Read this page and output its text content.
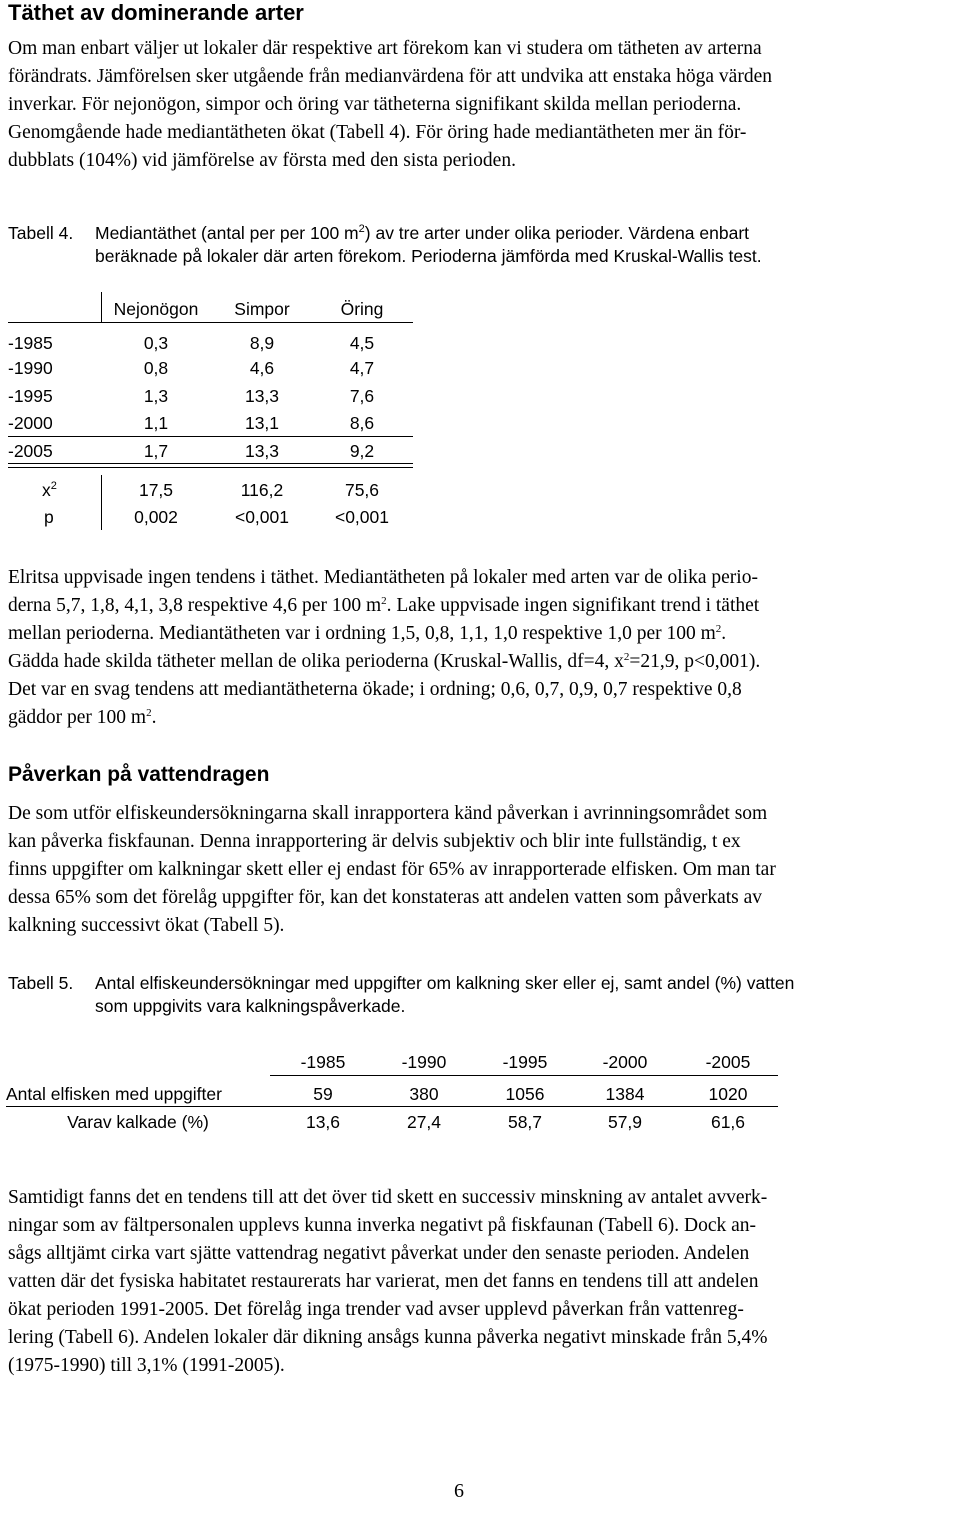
Täthet av dominerande arter
Om man enbart väljer ut lokaler där respektive art förekom kan vi studera om tätheten av arterna
förändrats. Jämförelsen sker utgående från medianvärdena för att undvika att enstaka höga värden
inverkar. För nejonögon, simpor och öring var tätheterna signifikant skilda mellan perioderna.
Genomgående hade mediantätheten ökat (Tabell 4). För öring hade mediantätheten mer än för-
dubblats (104%) vid jämförelse av första med den sista perioden.
Tabell 4. Mediantäthet (antal per per 100 $m^2$) av tre arter under olika perioder. Värdena enbart
beräknade på lokaler där arten förekom. Perioderna jämförda med Kruskal-Wallis test.
Nejonögon	Simpor	Öring
-1985	0,3	8,9	4,5
-1990	0,8	4,6	4,7
-1995	1,3	13,3	7,6
-2000	1,1	13,1	8,6
-2005	1,7	13,3	9,2
$x^2$	17,5	116,2	75,6
p	0,002	<0,001	<0,001
Elritsa uppvisade ingen tendens i täthet. Mediantätheten på lokaler med arten var de olika perio-
derna 5,7, 1,8, 4,1, 3,8 respektive 4,6 per 100 $m^2$. Lake uppvisade ingen signifikant trend i täthet
mellan perioderna. Mediantätheten var i ordning 1,5, 0,8, 1,1, 1,0 respektive 1,0 per 100 $m^2$.
Gädda hade skilda tätheter mellan de olika perioderna (Kruskal-Wallis, df=4, $x^2=21,9$, p<0,001).
Det var en svag tendens att mediantätheterna ökade; i ordning; 0,6, 0,7, 0,9, 0,7 respektive 0,8
gäddor per 100 $m^2$.
Påverkan på vattendragen
De som utför elfiskeundersökningarna skall inrapportera känd påverkan i avrinningsområdet som
kan påverka fiskfaunan. Denna inrapportering är delvis subjektiv och blir inte fullständig, t ex
finns uppgifter om kalkningar skett eller ej endast för 65% av inrapporterade elfisken. Om man tar
dessa 65% som det förelåg uppgifter för, kan det konstateras att andelen vatten som påverkats av
kalkning successivt ökat (Tabell 5).
Tabell 5. Antal elfiskeundersökningar med uppgifter om kalkning sker eller ej, samt andel (%) vatten
som uppgivits vara kalkningspåverkade.
-1985	-1990	-1995	-2000	-2005
Antal elfisken med uppgifter	59	380	1056	1384	1020
Varav kalkade (%)	13,6	27,4	58,7	57,9	61,6
Samtidigt fanns det en tendens till att det över tid skett en successiv minskning av antalet avverk-
ningar som av fältpersonalen upplevs kunna inverka negativt på fiskfaunan (Tabell 6). Dock an-
sågs alltjämt cirka vart sjätte vattendrag negativt påverkat under den senaste perioden. Andelen
vatten där det fysiska habitatet restaurerats har varierat, men det fanns en tendens till att andelen
ökat perioden 1991-2005. Det förelåg inga trender vad avser upplevd påverkan från vattenreg-
lering (Tabell 6). Andelen lokaler där dikning ansågs kunna påverka negativt minskade från 5,4%
(1975-1990) till 3,1% (1991-2005).
6
